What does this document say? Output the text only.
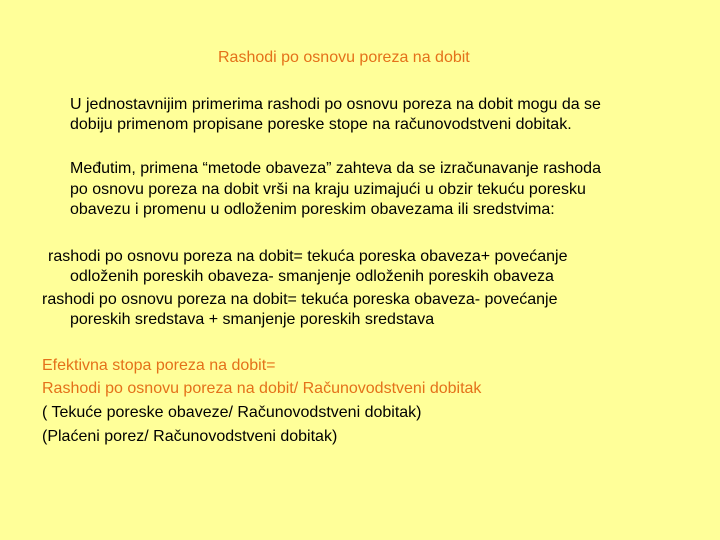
Rashodi po osnovu poreza na dobit

U jednostavnijim primerima rashodi po osnovu poreza na dobit mogu da se

dobiju primenom propisane poreske stope na računovodstveni dobitak.

Međutim, primena “metode obaveza” zahteva da se izračunavanje rashoda

po osnovu poreza na dobit vrši na kraju uzimajući u obzir tekuću poresku

obavezu i promenu u odloženim poreskim obavezama ili sredstvima:

rashodi po osnovu poreza na dobit= tekuća poreska obaveza+ povećanje

odloženih poreskih obaveza- smanjenje odloženih poreskih obaveza

rashodi po osnovu poreza na dobit= tekuća poreska obaveza- povećanje

poreskih sredstava + smanjenje poreskih sredstava

Efektivna stopa poreza na dobit=

Rashodi po osnovu poreza na dobit/ Računovodstveni dobitak

( Tekuće poreske obaveze/ Računovodstveni dobitak)

(Plaćeni porez/ Računovodstveni dobitak)
